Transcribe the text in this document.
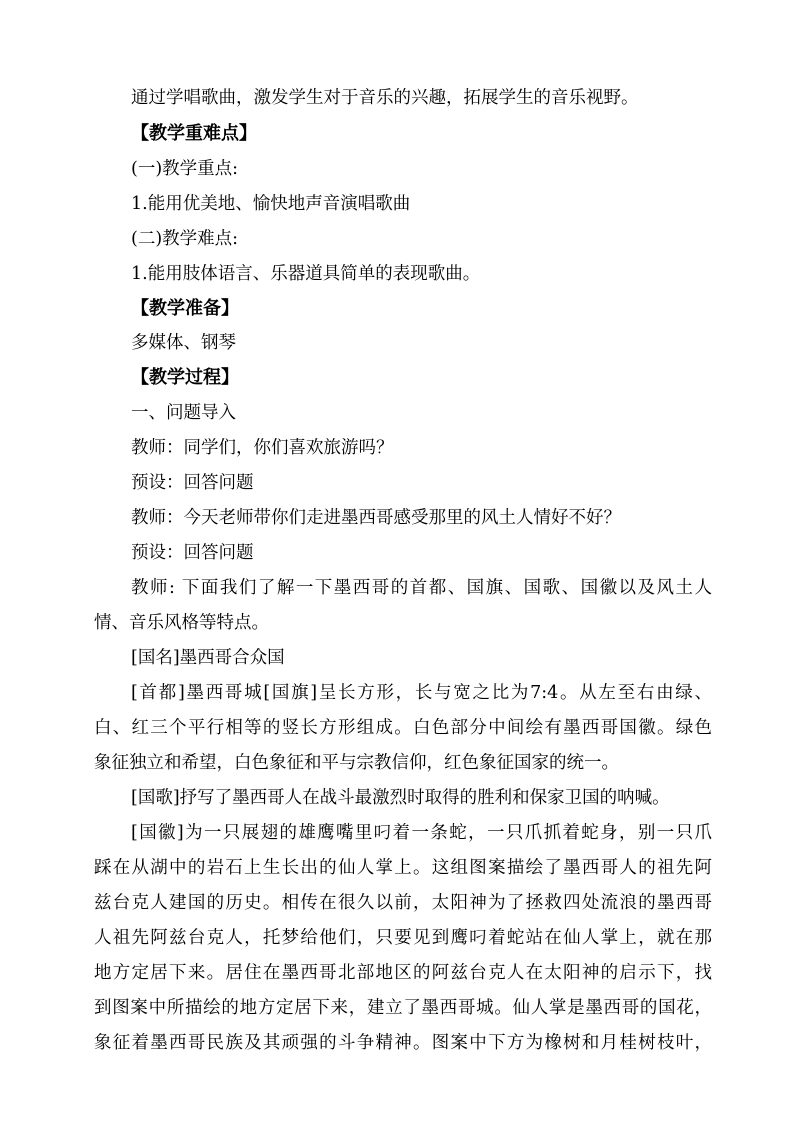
通过学唱歌曲，激发学生对于音乐的兴趣，拓展学生的音乐视野。
【教学重难点】
(一)教学重点:
1.能用优美地、愉快地声音演唱歌曲
(二)教学难点:
1.能用肢体语言、乐器道具简单的表现歌曲。
【教学准备】
多媒体、钢琴
【教学过程】
一、问题导入
教师：同学们，你们喜欢旅游吗？
预设：回答问题
教师：今天老师带你们走进墨西哥感受那里的风土人情好不好？
预设：回答问题
教师: 下面我们了解一下墨西哥的首都、国旗、国歌、国徽以及风土人
情、音乐风格等特点。
[国名]墨西哥合众国
[首都]墨西哥城[国旗]呈长方形，长与宽之比为7:4。从左至右由绿、
白、红三个平行相等的竖长方形组成。白色部分中间绘有墨西哥国徽。绿色
象征独立和希望，白色象征和平与宗教信仰，红色象征国家的统一。
[国歌]抒写了墨西哥人在战斗最激烈时取得的胜利和保家卫国的呐喊。
[国徽]为一只展翅的雄鹰嘴里叼着一条蛇，一只爪抓着蛇身，别一只爪
踩在从湖中的岩石上生长出的仙人掌上。这组图案描绘了墨西哥人的祖先阿
兹台克人建国的历史。相传在很久以前，太阳神为了拯救四处流浪的墨西哥
人祖先阿兹台克人，托梦给他们，只要见到鹰叼着蛇站在仙人掌上，就在那
地方定居下来。居住在墨西哥北部地区的阿兹台克人在太阳神的启示下，找
到图案中所描绘的地方定居下来，建立了墨西哥城。仙人掌是墨西哥的国花，
象征着墨西哥民族及其顽强的斗争精神。图案中下方为橡树和月桂树枝叶，
